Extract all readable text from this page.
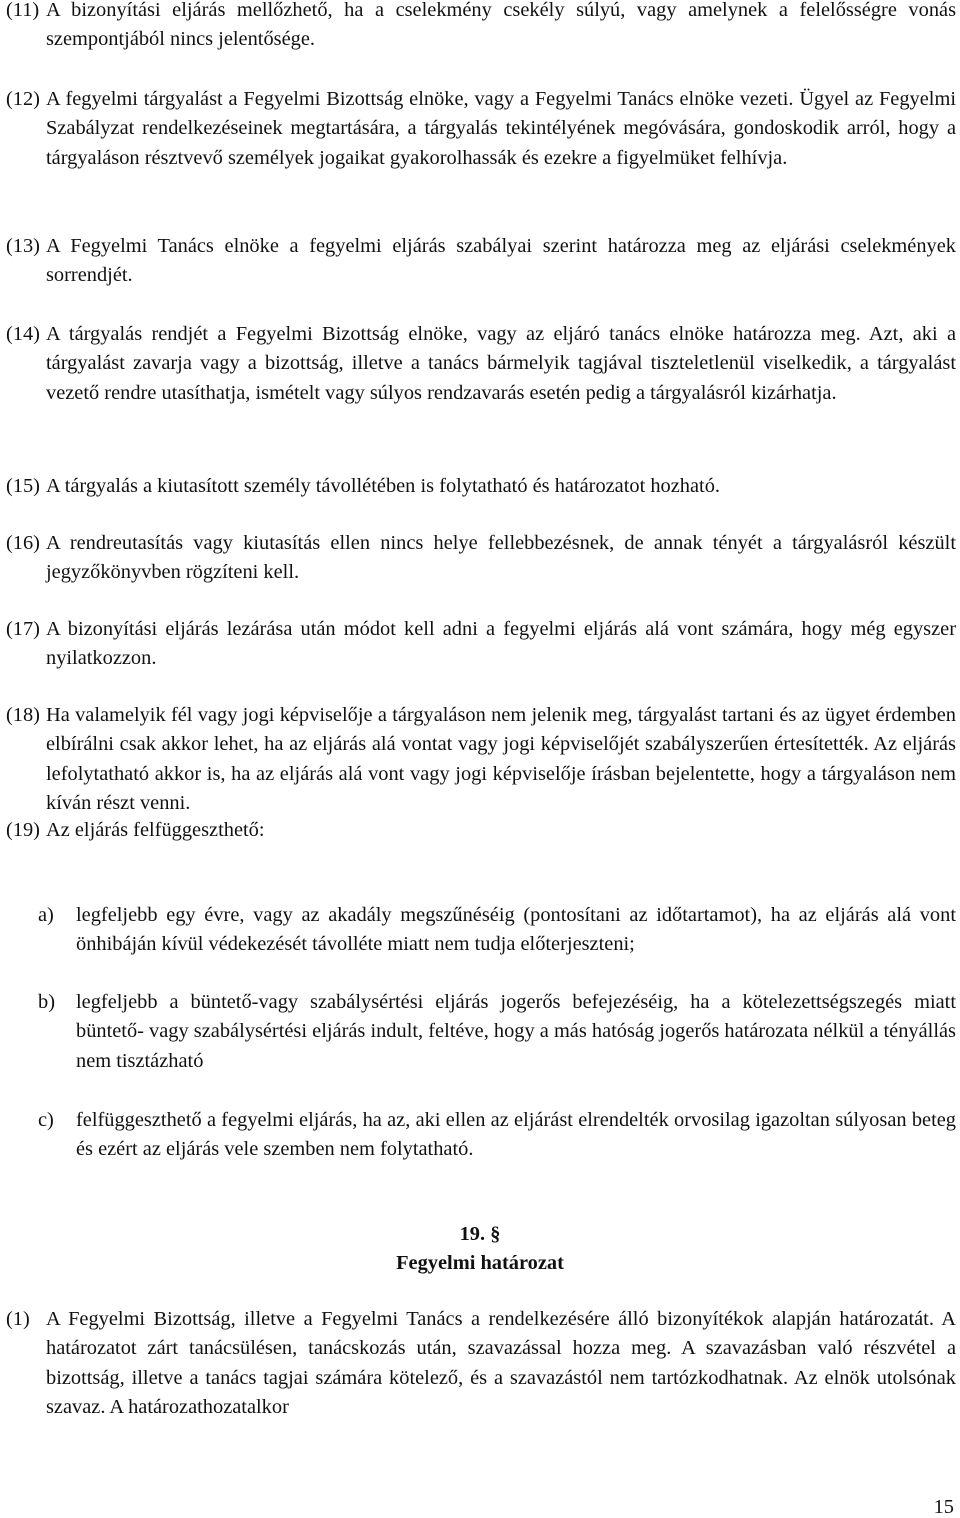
(11) A bizonyítási eljárás mellőzhető, ha a cselekmény csekély súlyú, vagy amelynek a felelősségre vonás szempontjából nincs jelentősége.
(12) A fegyelmi tárgyalást a Fegyelmi Bizottság elnöke, vagy a Fegyelmi Tanács elnöke vezeti. Ügyel az Fegyelmi Szabályzat rendelkezéseinek megtartására, a tárgyalás tekintélyének megóvására, gondoskodik arról, hogy a tárgyaláson résztvevő személyek jogaikat gyakorolhassák és ezekre a figyelmüket felhívja.
(13) A Fegyelmi Tanács elnöke a fegyelmi eljárás szabályai szerint határozza meg az eljárási cselekmények sorrendjét.
(14) A tárgyalás rendjét a Fegyelmi Bizottság elnöke, vagy az eljáró tanács elnöke határozza meg. Azt, aki a tárgyalást zavarja vagy a bizottság, illetve a tanács bármelyik tagjával tiszteletlenül viselkedik, a tárgyalást vezető rendre utasíthatja, ismételt vagy súlyos rendzavarás esetén pedig a tárgyalásról kizárhatja.
(15) A tárgyalás a kiutasított személy távollétében is folytatható és határozatot hozható.
(16) A rendreutasítás vagy kiutasítás ellen nincs helye fellebbezésnek, de annak tényét a tárgyalásról készült jegyzőkönyvben rögzíteni kell.
(17) A bizonyítási eljárás lezárása után módot kell adni a fegyelmi eljárás alá vont számára, hogy még egyszer nyilatkozzon.
(18) Ha valamelyik fél vagy jogi képviselője a tárgyaláson nem jelenik meg, tárgyalást tartani és az ügyet érdemben elbírálni csak akkor lehet, ha az eljárás alá vontat vagy jogi képviselőjét szabályszerűen értesítették. Az eljárás lefolytatható akkor is, ha az eljárás alá vont vagy jogi képviselője írásban bejelentette, hogy a tárgyaláson nem kíván részt venni.
(19) Az eljárás felfüggeszthető:
a) legfeljebb egy évre, vagy az akadály megszűnéséig (pontosítani az időtartamot), ha az eljárás alá vont önhibáján kívül védekezését távolléte miatt nem tudja előterjeszteni;
b) legfeljebb a büntető-vagy szabálysértési eljárás jogerős befejezéséig, ha a kötelezettségszegés miatt büntető- vagy szabálysértési eljárás indult, feltéve, hogy a más hatóság jogerős határozata nélkül a tényállás nem tisztázható
c) felfüggeszthető a fegyelmi eljárás, ha az, aki ellen az eljárást elrendelték orvosilag igazoltan súlyosan beteg és ezért az eljárás vele szemben nem folytatható.
19. §
Fegyelmi határozat
(1) A Fegyelmi Bizottság, illetve a Fegyelmi Tanács a rendelkezésére álló bizonyítékok alapján határozatát. A határozatot zárt tanácsülésen, tanácskozás után, szavazással hozza meg. A szavazásban való részvétel a bizottság, illetve a tanács tagjai számára kötelező, és a szavazástól nem tartózkodhatnak. Az elnök utolsónak szavaz. A határozathozatalkor
15
